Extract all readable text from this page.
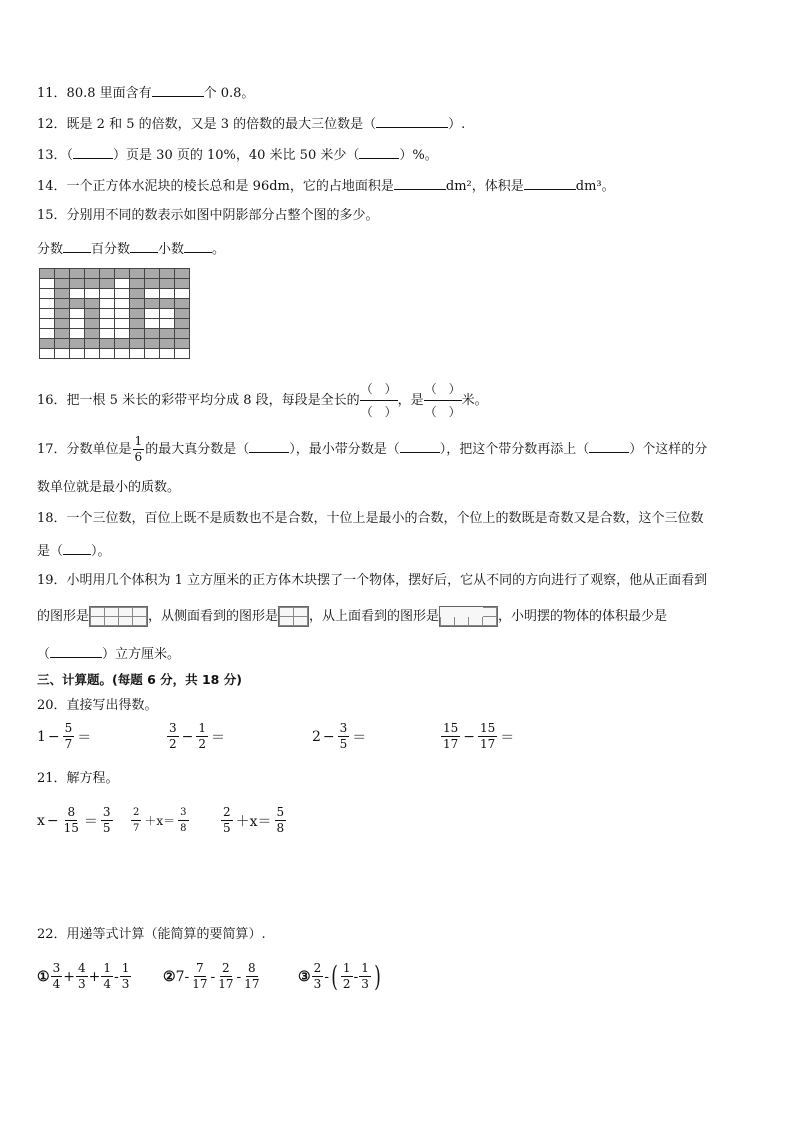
11．80.8 里面含有	个 0.8。
12．既是 2 和 5 的倍数，又是 3 的倍数的最大三位数是（	）.
13．（	）页是 30 页的 10%，40 米比 50 米少（	）%。
14．一个正方体水泥块的棱长总和是 96dm，它的占地面积是	dm²，体积是	dm³。
15．分别用不同的数表示如图中阴影部分占整个图的多少。
分数 百分数 小数 。

16．把一根 5 米长的彩带平均分成 8 段，每段是全长的
（　）
（　）
，是
（　）
（　）
米。
17．分数单位是 $\frac{1}{6}$ 的最大真分数是（	），最小带分数是（	），把这个带分数再添上（	）个这样的分
数单位就是最小的质数。
18．一个三位数，百位上既不是质数也不是合数，十位上是最小的合数，个位上的数既是奇数又是合数，这个三位数
是（ ）。
19．小明用几个体积为 1 立方厘米的正方体木块摆了一个物体，摆好后，它从不同的方向进行了观察，他从正面看到
的图形是			
				，从侧面看到的图形是	
	，从上面看到的图形是			
				，小明摆的物体的体积最少是
（	）立方厘米。
三、计算题。(每题 6 分，共 18 分)
20．直接写出得数。
$1 - \frac{5}{7}$ ＝	$\frac{3}{2} - \frac{1}{2}$ ＝	$2 - \frac{3}{5}$ ＝	$\frac{15}{17} - \frac{15}{17}$ ＝
21．解方程。
$x - \frac{8}{15} = \frac{3}{5} \frac{2}{7} +x= \frac{3}{8}$	$\frac{2}{5} +x= \frac{5}{8}$
22．用递等式计算（能简算的要简算）.
① $\frac{3}{4} + \frac{4}{3} + \frac{1}{4} - \frac{1}{3}$ ② $7- \frac{7}{17} - \frac{2}{17} - \frac{8}{17}$	③ $\frac{2}{3}$ - ( $\frac{1}{2} - \frac{1}{3}$ )
